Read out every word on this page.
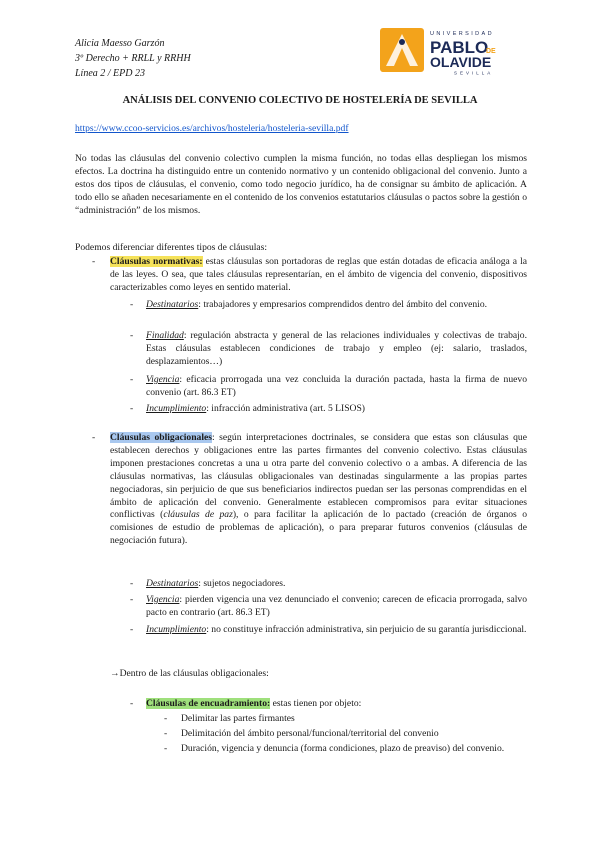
Alicia Maesso Garzón
3º Derecho + RRLL y RRHH
Línea 2 / EPD 23
UNIVERSIDAD
PABLO
DE
OLAVIDE
SEVILLA
ANÁLISIS DEL CONVENIO COLECTIVO DE HOSTELERÍA DE SEVILLA
https://www.ccoo-servicios.es/archivos/hosteleria/hosteleria-sevilla.pdf
No todas las cláusulas del convenio colectivo cumplen la misma función, no todas ellas despliegan los mismos efectos. La doctrina ha distinguido entre un contenido normativo y un contenido obligacional del convenio. Junto a estos dos tipos de cláusulas, el convenio, como todo negocio jurídico, ha de consignar su ámbito de aplicación. A todo ello se añaden necesariamente en el contenido de los convenios estatutarios cláusulas o pactos sobre la gestión o “administración” de los mismos.
Podemos diferenciar diferentes tipos de cláusulas:
- Cláusulas normativas: estas cláusulas son portadoras de reglas que están dotadas de eficacia análoga a la de las leyes. O sea, que tales cláusulas representarían, en el ámbito de vigencia del convenio, dispositivos caracterizables como leyes en sentido material.
- Destinatarios: trabajadores y empresarios comprendidos dentro del ámbito del convenio.
- Finalidad: regulación abstracta y general de las relaciones individuales y colectivas de trabajo. Estas cláusulas establecen condiciones de trabajo y empleo (ej: salario, traslados, desplazamientos…)
- Vigencia: eficacia prorrogada una vez concluida la duración pactada, hasta la firma de nuevo convenio (art. 86.3 ET)
- Incumplimiento: infracción administrativa (art. 5 LISOS)
- Cláusulas obligacionales: según interpretaciones doctrinales, se considera que estas son cláusulas que establecen derechos y obligaciones entre las partes firmantes del convenio colectivo. Estas cláusulas imponen prestaciones concretas a una u otra parte del convenio colectivo o a ambas. A diferencia de las cláusulas normativas, las cláusulas obligacionales van destinadas singularmente a las propias partes negociadoras, sin perjuicio de que sus beneficiarios indirectos puedan ser las personas comprendidas en el ámbito de aplicación del convenio. Generalmente establecen compromisos para evitar situaciones conflictivas (cláusulas de paz), o para facilitar la aplicación de lo pactado (creación de órganos o comisiones de estudio de problemas de aplicación), o para preparar futuros convenios (cláusulas de negociación futura).
- Destinatarios: sujetos negociadores.
- Vigencia: pierden vigencia una vez denunciado el convenio; carecen de eficacia prorrogada, salvo pacto en contrario (art. 86.3 ET)
- Incumplimiento: no constituye infracción administrativa, sin perjuicio de su garantía jurisdiccional.
→Dentro de las cláusulas obligacionales:
- Cláusulas de encuadramiento: estas tienen por objeto:
- Delimitar las partes firmantes
- Delimitación del ámbito personal/funcional/territorial del convenio
- Duración, vigencia y denuncia (forma condiciones, plazo de preaviso) del convenio.
